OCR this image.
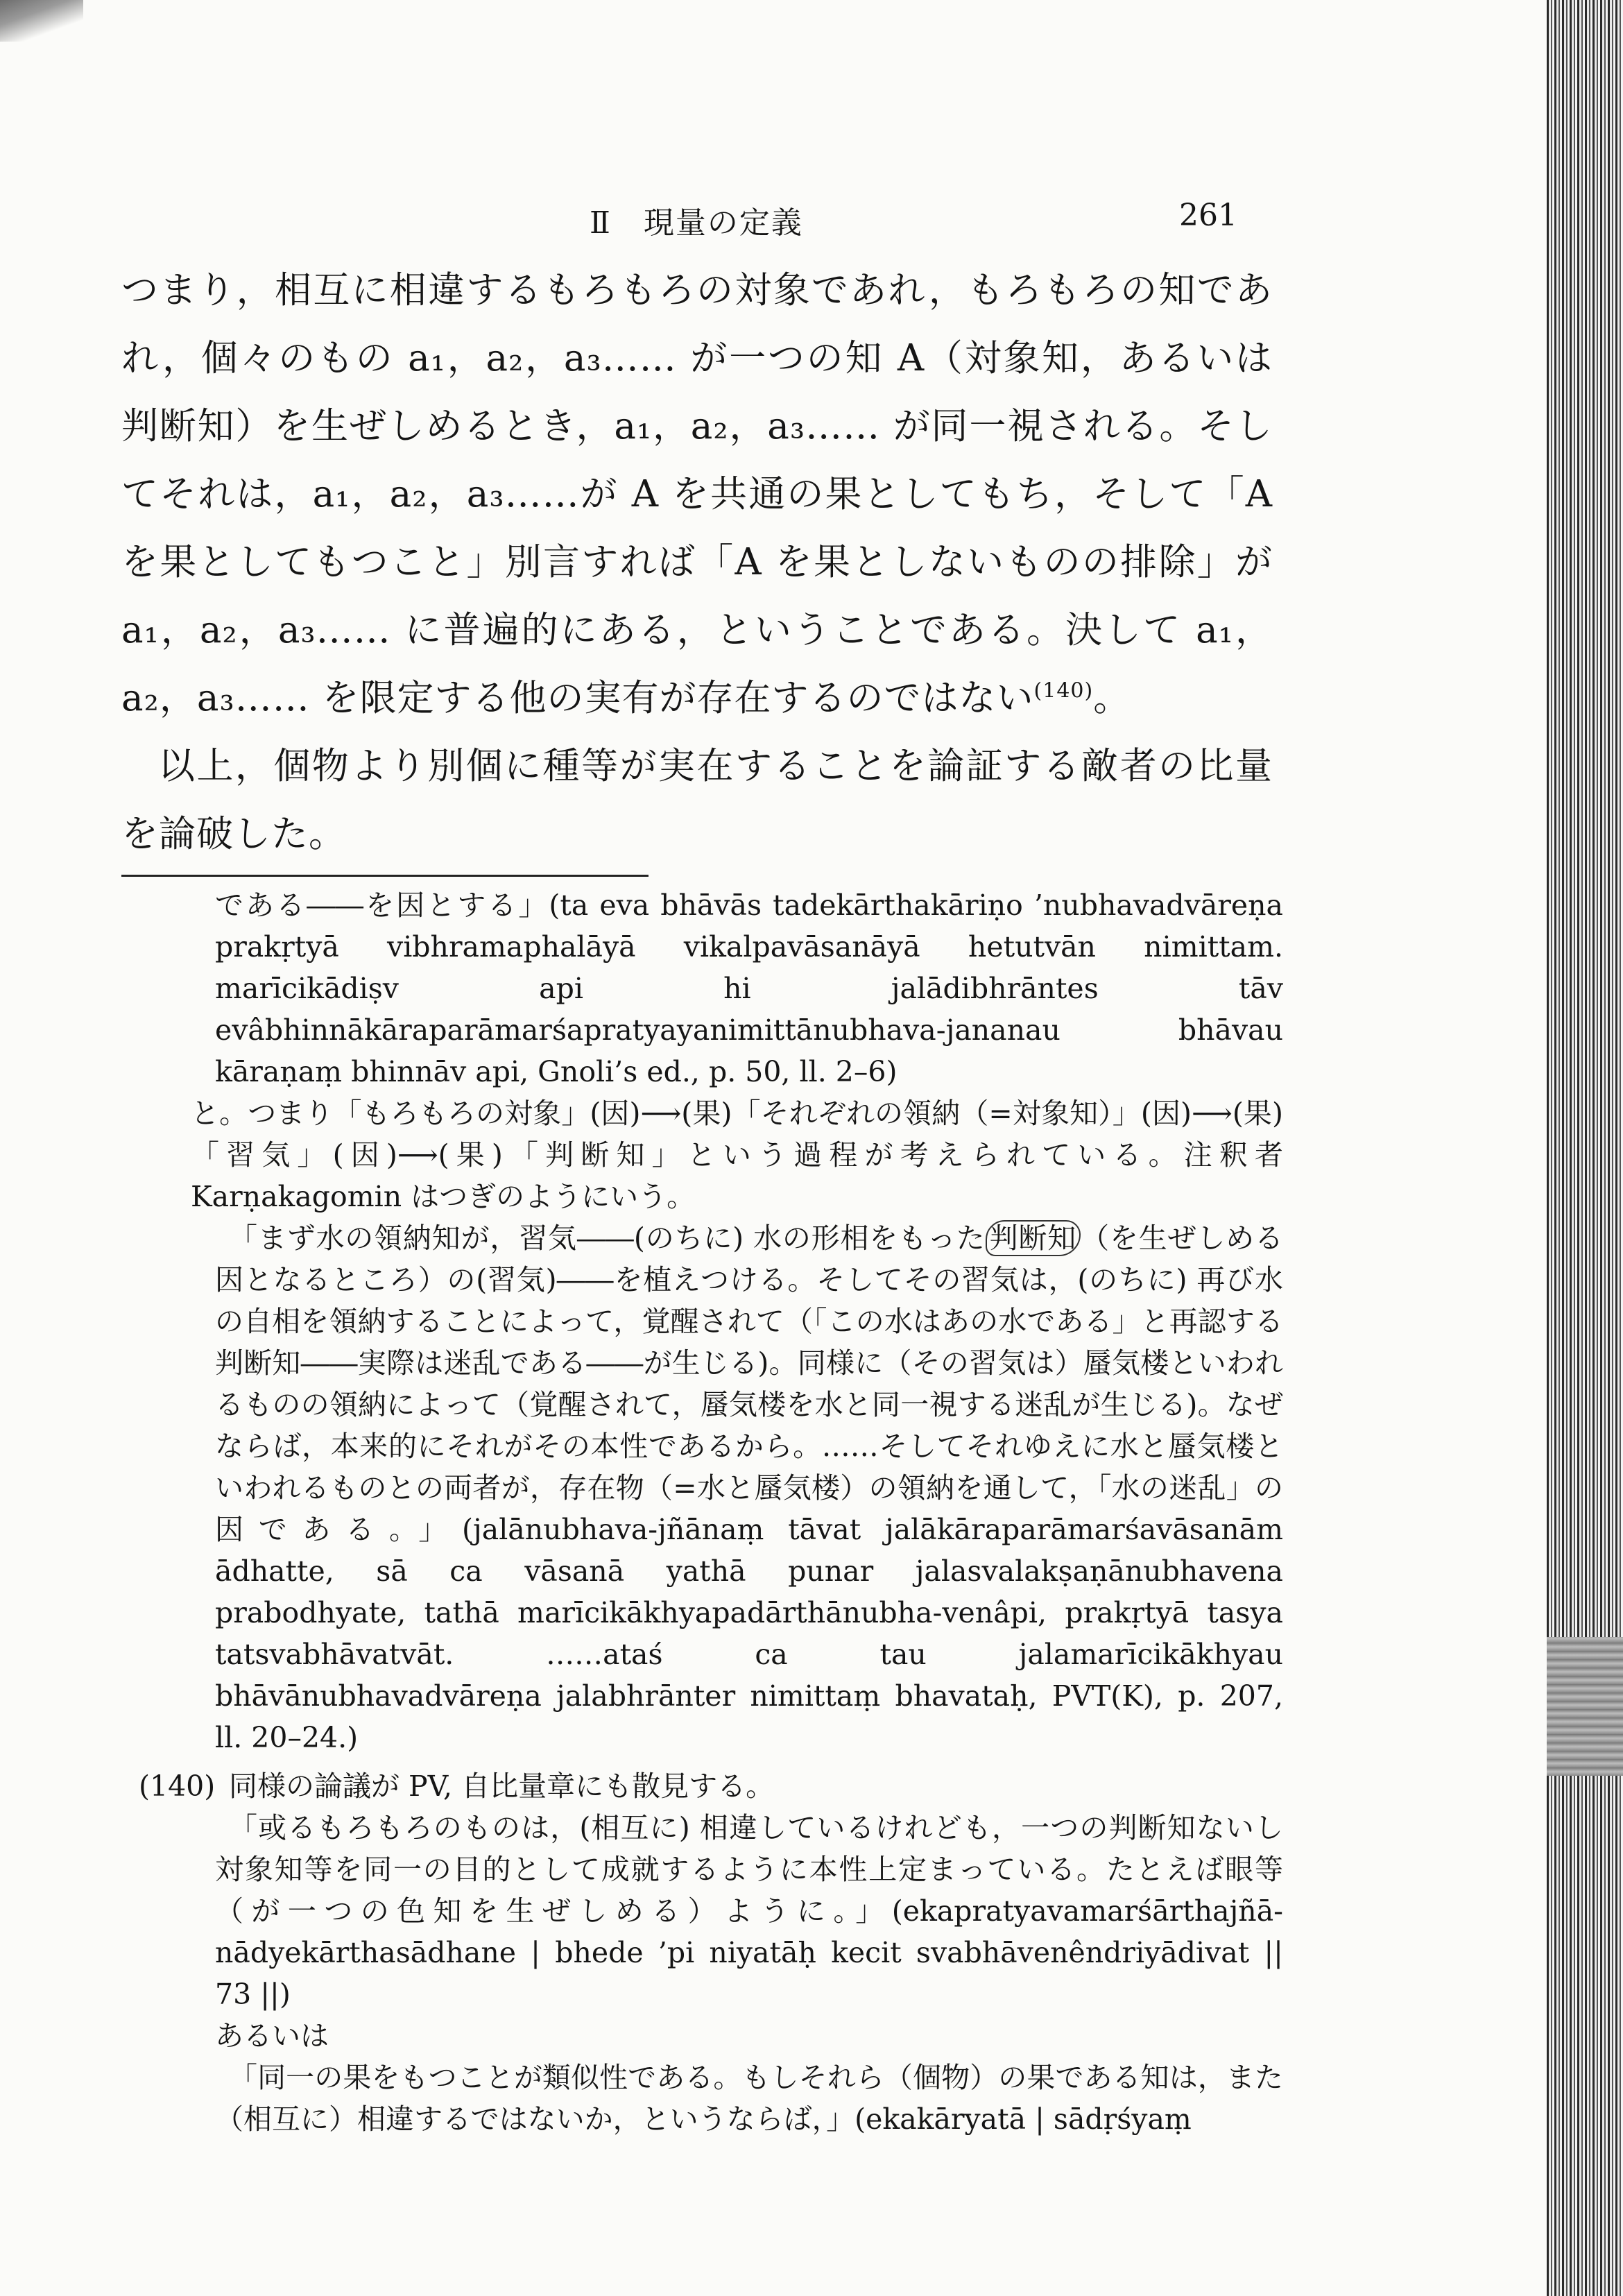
Ⅱ　現量の定義	261

つまり，相互に相違するもろもろの対象であれ，もろもろの知であれ，個々のもの a₁，a₂，a₃…… が一つの知 A（対象知，あるいは判断知）を生ぜしめるとき，a₁，a₂，a₃…… が同一視される。そしてそれは，a₁，a₂，a₃……が A を共通の果としてもち，そして「A を果としてもつこと」別言すれば「A を果としないものの排除」が a₁，a₂，a₃…… に普遍的にある，ということである。決して a₁，a₂，a₃…… を限定する他の実有が存在するのではない$^{(140)}$。

以上，個物より別個に種等が実在することを論証する敵者の比量を論破した。

である――を因とする」(ta eva bhāvās tadekārthakāriṇo ’nubhavadvāreṇa prakṛtyā vibhramaphalāyā vikalpavāsanāyā hetutvān nimittam. marīcikādiṣv api hi jalādibhrāntes tāv evâbhinnākāraparāmarśapratyayanimittānubhava-jananau bhāvau kāraṇaṃ bhinnāv api, Gnoli’s ed., p. 50, ll. 2–6)

と。つまり「もろもろの対象」(因)⟶(果)「それぞれの領納（=対象知）」(因)⟶(果)「習気」(因)⟶(果)「判断知」という過程が考えられている。注釈者 Karṇakagomin はつぎのようにいう。

「まず水の領納知が，習気――(のちに) 水の形相をもった 判断知 （を生ぜしめる因となるところ）の(習気)――を植えつける。そしてその習気は，(のちに) 再び水の自相を領納することによって，覚醒されて（「この水はあの水である」と再認する判断知――実際は迷乱である――が生じる)。同様に（その習気は）蜃気楼といわれるものの領納によって（覚醒されて，蜃気楼を水と同一視する迷乱が生じる)。なぜならば，本来的にそれがその本性であるから。……そしてそれゆえに水と蜃気楼といわれるものとの両者が，存在物（=水と蜃気楼）の領納を通して，「水の迷乱」の因である。」(jalānubhava-jñānaṃ tāvat jalākāraparāmarśavāsanām ādhatte, sā ca vāsanā yathā punar jalasvalakṣaṇānubhavena prabodhyate, tathā marīcikākhyapadārthānubha-venâpi, prakṛtyā tasya tatsvabhāvatvāt. ……ataś ca tau jalamarīcikākhyau bhāvānubhavadvāreṇa jalabhrānter nimittaṃ bhavataḥ, PVT(K), p. 207, ll. 20–24.)

(140) 同様の論議が PV, 自比量章にも散見する。

「或るもろもろのものは，(相互に) 相違しているけれども，一つの判断知ないし対象知等を同一の目的として成就するように本性上定まっている。たとえば眼等（が一つの色知を生ぜしめる）ように。」(ekapratyavamarśārthajñā-nādyekārthasādhane | bhede ’pi niyatāḥ kecit svabhāvenêndriyādivat || 73 ||)

あるいは

「同一の果をもつことが類似性である。もしそれら（個物）の果である知は，また（相互に）相違するではないか，というならば，」(ekakāryatā | sādṛśyaṃ
